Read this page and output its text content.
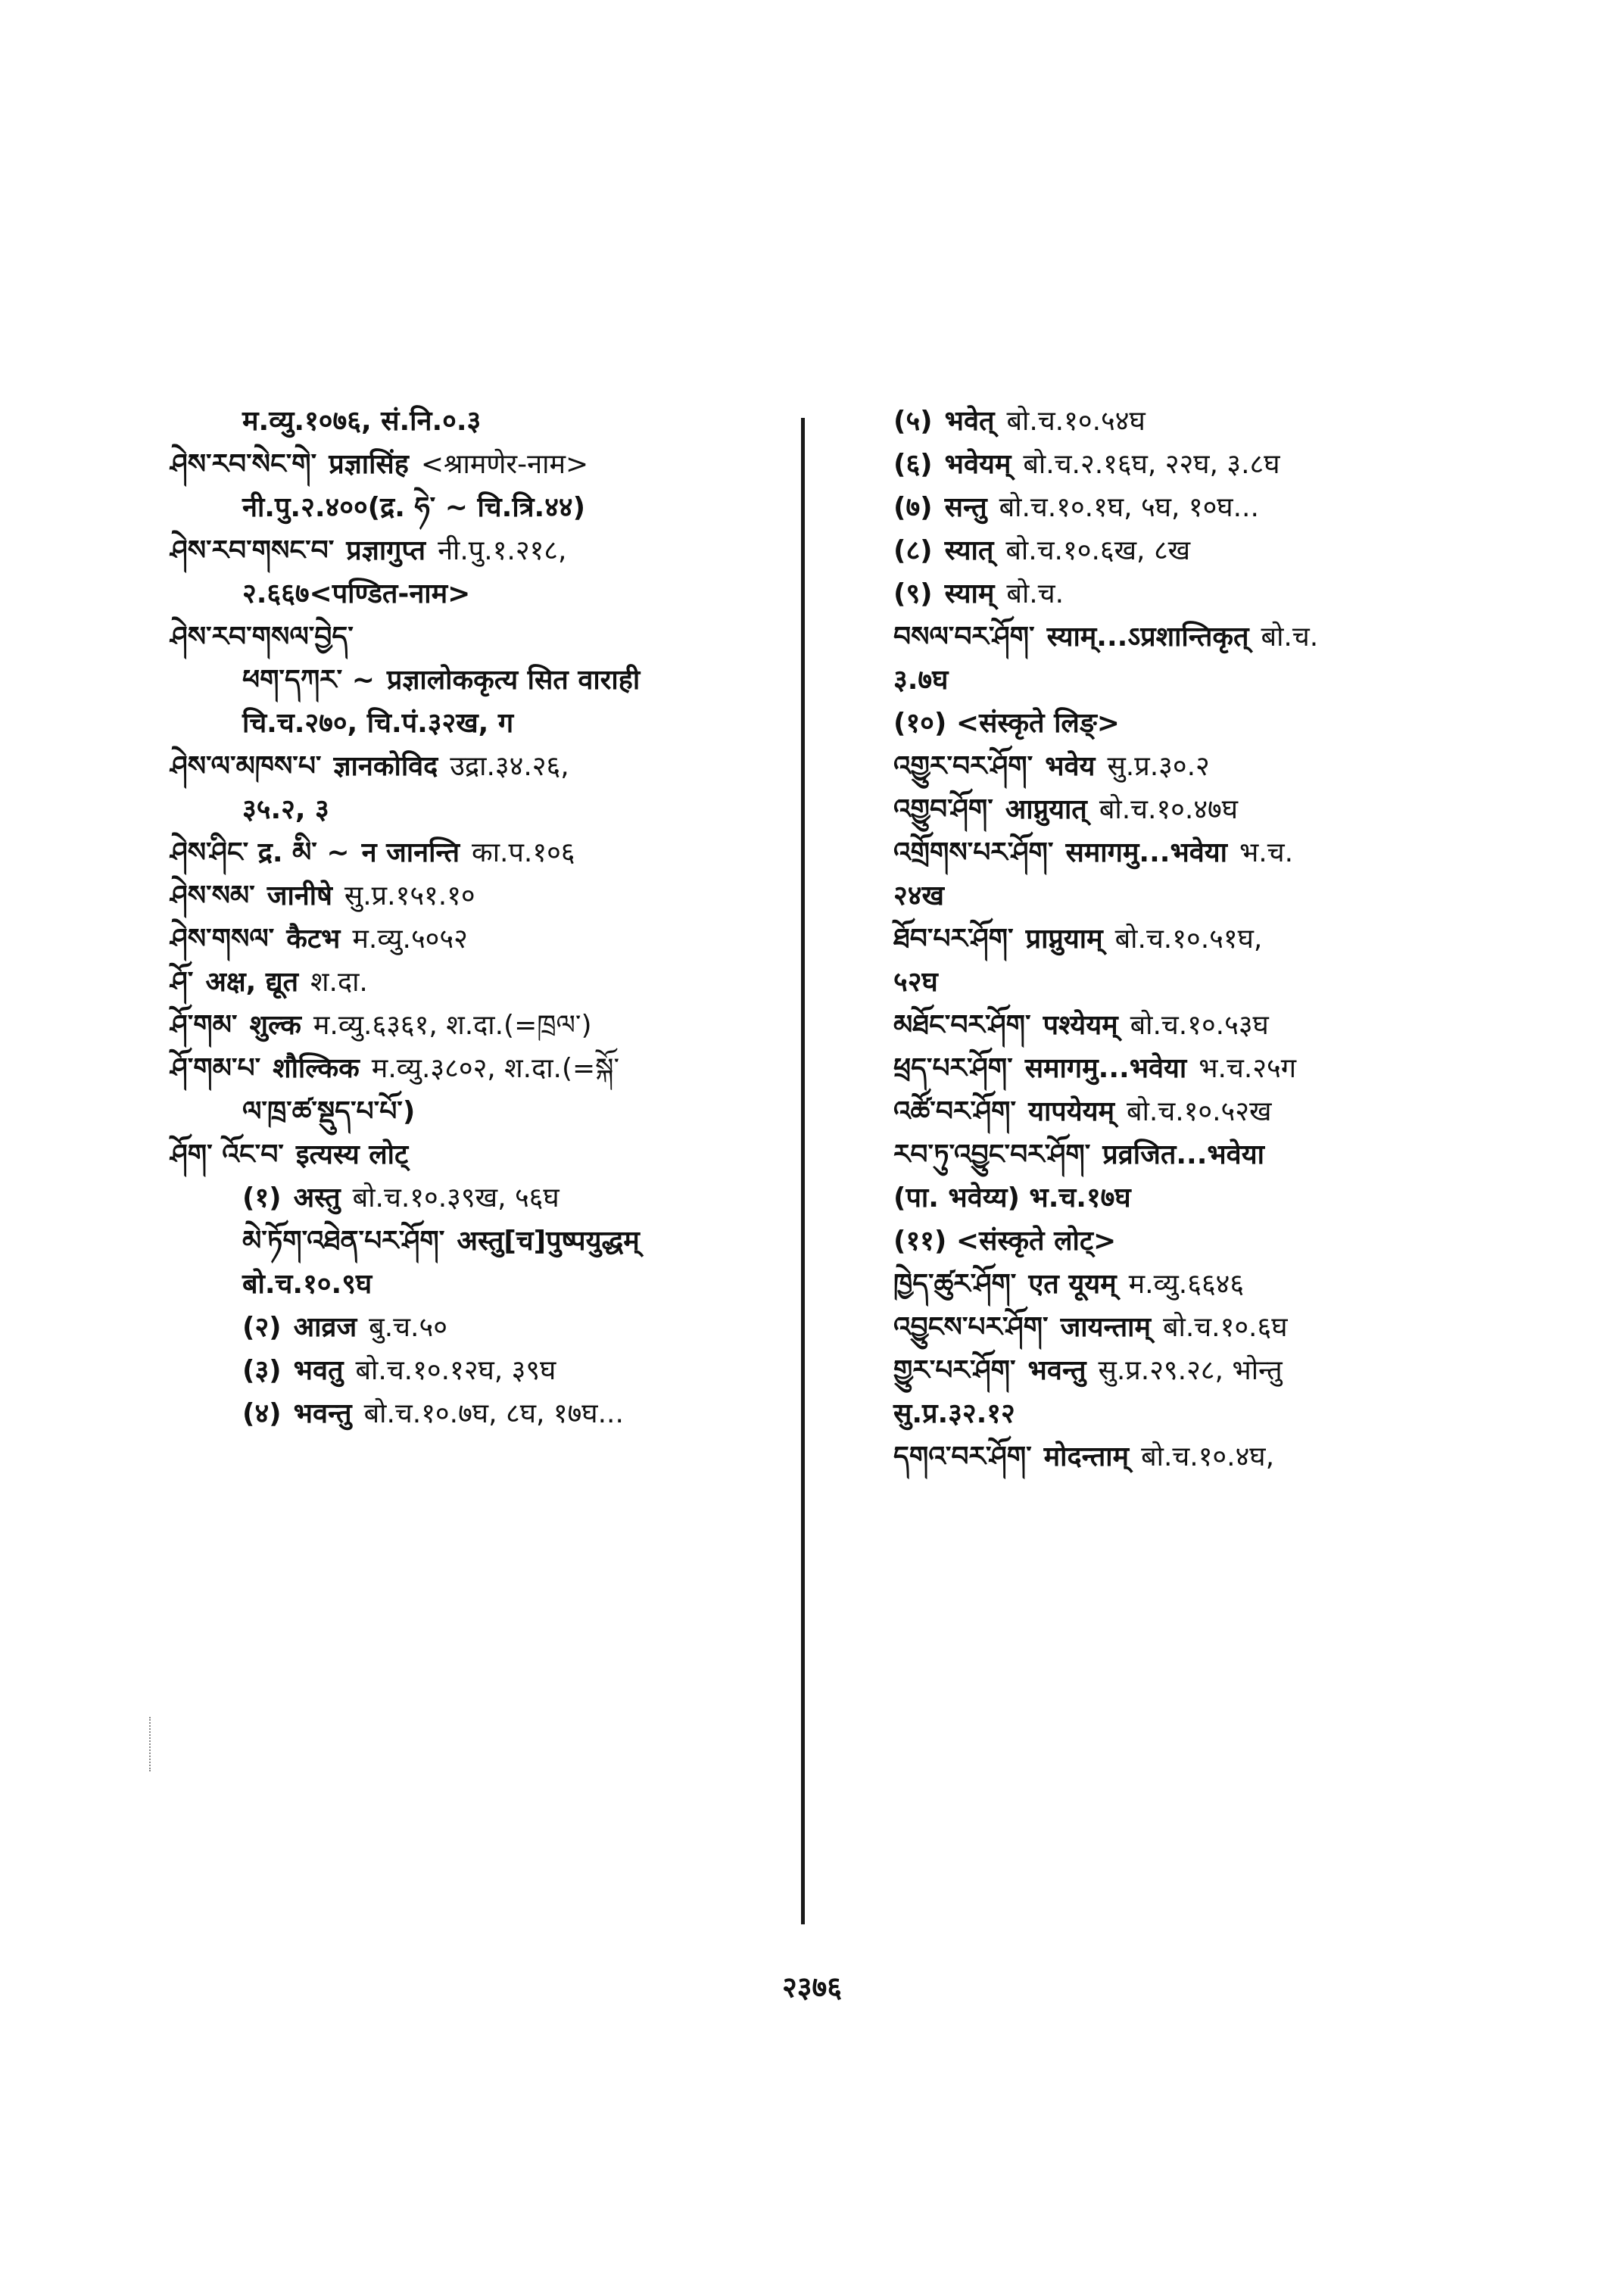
म.व्यु.१०७६, सं.नि.०.३
ཤེས་རབ་སེང་གེ་ प्रज्ञासिंह <श्रामणेर-नाम>
नी.पु.२.४००(द्र. ཧེ་ ~ चि.त्रि.४४)
ཤེས་རབ་གསང་བ་ प्रज्ञागुप्त नी.पु.१.२१८,
२.६६७<पण्डित-नाम>
ཤེས་རབ་གསལ་བྱེད་
ཕག་དཀར་ ~ प्रज्ञालोककृत्य सित वाराही
चि.च.२७०, चि.पं.३२ख, ग
ཤེས་ལ་མཁས་པ་ ज्ञानकोविद उद्रा.३४.२६,
३५.२, ३
ཤེས་ཤིང་ द्र. མི་ ~ न जानन्ति का.प.१०६
ཤེས་སམ་ जानीषे सु.प्र.१५१.१०
ཤེས་གསལ་ कैटभ म.व्यु.५०५२
ཤོ་ अक्ष, द्यूत श.दा.
ཤོ་གམ་ शुल्क म.व्यु.६३६१, श.दा.(=ཁྲལ་)
ཤོ་གམ་པ་ शौल्किक म.व्यु.३८०२, श.दा.(=སྐོ་
ལ་ཁྲ་ཚ་སྡུད་པ་པོ་)
ཤོག་ འོང་བ་ इत्यस्य लोट्
(१) अस्तु बो.च.१०.३९ख, ५६घ
མེ་ཏོག་འཐེན་པར་ཤོག་ अस्तु[च]पुष्पयुद्धम्
बो.च.१०.९घ
(२) आव्रज बु.च.५०
(३) भवतु बो.च.१०.१२घ, ३९घ
(४) भवन्तु बो.च.१०.७घ, ८घ, १७घ...
(५) भवेत् बो.च.१०.५४घ
(६) भवेयम् बो.च.२.१६घ, २२घ, ३.८घ
(७) सन्तु बो.च.१०.१घ, ५घ, १०घ...
(८) स्यात् बो.च.१०.६ख, ८ख
(९) स्याम् बो.च.
བསལ་བར་ཤོག་ स्याम्...ऽप्रशान्तिकृत् बो.च.
३.७घ
(१०) <संस्कृते लिङ्>
འགྱུར་བར་ཤོག་ भवेय सु.प्र.३०.२
འགྱུབ་ཤོག་ आप्नुयात् बो.च.१०.४७घ
འགྲོགས་པར་ཤོག་ समागमु...भवेया भ.च.
२४ख
ཐོབ་པར་ཤོག་ प्राप्नुयाम् बो.च.१०.५१घ,
५२घ
མཐོང་བར་ཤོག་ पश्येयम् बो.च.१०.५३घ
ཕྲད་པར་ཤོག་ समागमु...भवेया भ.च.२५ग
འཚོ་བར་ཤོག་ यापयेयम् बो.च.१०.५२ख
རབ་ཏུ་འབྱུང་བར་ཤོག་ प्रव्रजित...भवेया
(पा. भवेय्य) भ.च.१७घ
(११) <संस्कृते लोट्>
ཁྱེད་ཚུར་ཤོག་ एत यूयम् म.व्यु.६६४६
འབྱུངས་པར་ཤོག་ जायन्ताम् बो.च.१०.६घ
གྱུར་པར་ཤོག་ भवन्तु सु.प्र.२९.२८, भोन्तु
सु.प्र.३२.१२
དགའ་བར་ཤོག་ मोदन्ताम् बो.च.१०.४घ,
२३७६
